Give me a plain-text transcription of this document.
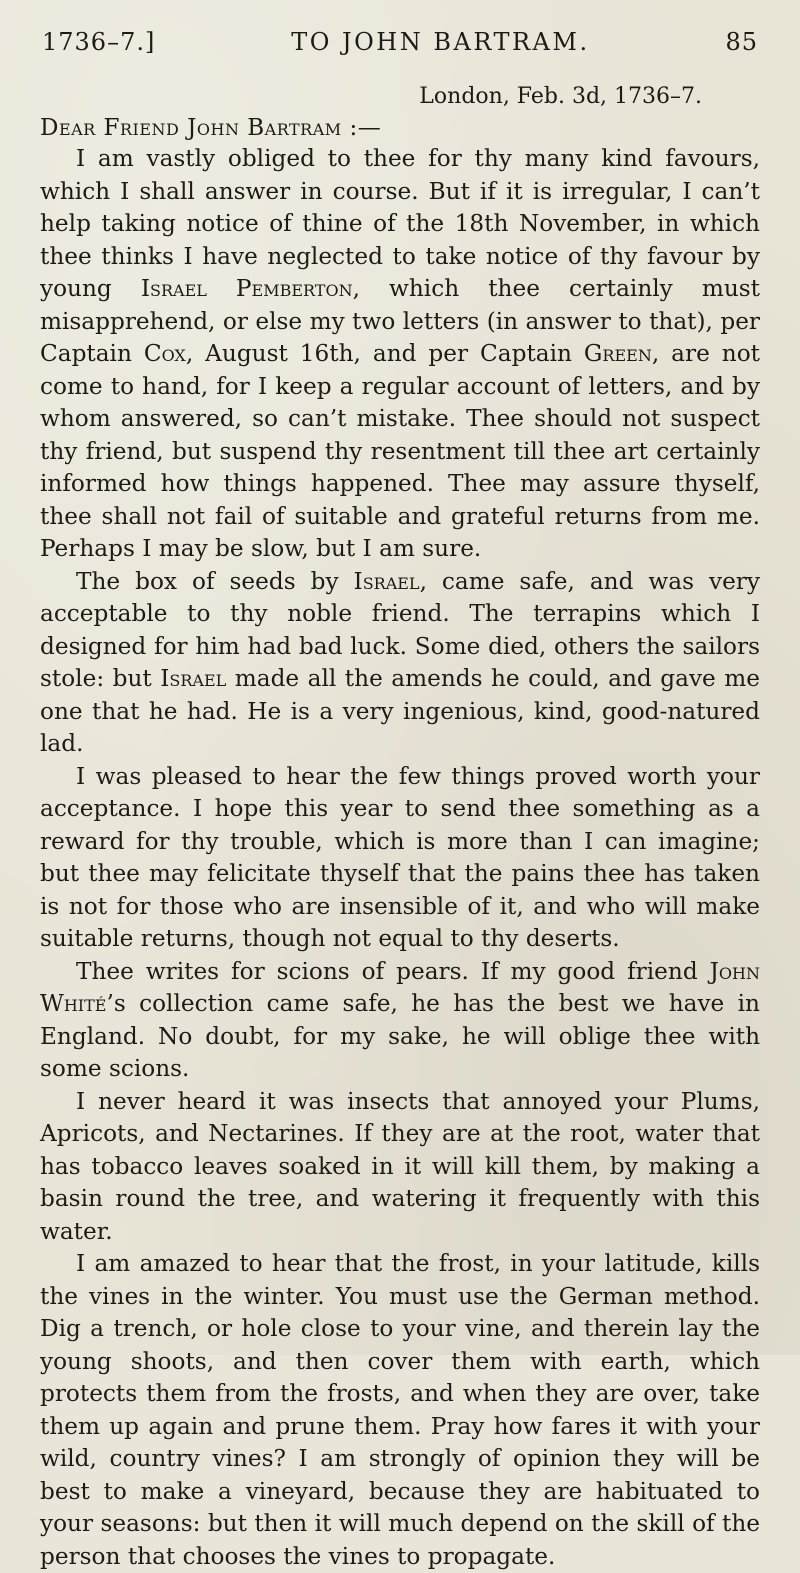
1736–7.]	TO JOHN BARTRAM.	85
London, Feb. 3d, 1736–7.
Dear Friend John Bartram :—

I am vastly obliged to thee for thy many kind favours, which I shall answer in course. But if it is irregular, I can’t help taking notice of thine of the 18th November, in which thee thinks I have neglected to take notice of thy favour by young Israel Pemberton, which thee certainly must misapprehend, or else my two letters (in answer to that), per Captain Cox, August 16th, and per Captain Green, are not come to hand, for I keep a regular account of letters, and by whom answered, so can’t mistake. Thee should not suspect thy friend, but suspend thy resentment till thee art certainly informed how things happened. Thee may assure thyself, thee shall not fail of suitable and grateful returns from me. Perhaps I may be slow, but I am sure.

The box of seeds by Israel, came safe, and was very acceptable to thy noble friend. The terrapins which I designed for him had bad luck. Some died, others the sailors stole: but Israel made all the amends he could, and gave me one that he had. He is a very ingenious, kind, good-natured lad.

I was pleased to hear the few things proved worth your acceptance. I hope this year to send thee something as a reward for thy trouble, which is more than I can imagine; but thee may felicitate thyself that the pains thee has taken is not for those who are insensible of it, and who will make suitable returns, though not equal to thy deserts.

Thee writes for scions of pears. If my good friend John Whité’s collection came safe, he has the best we have in England. No doubt, for my sake, he will oblige thee with some scions.

I never heard it was insects that annoyed your Plums, Apricots, and Nectarines. If they are at the root, water that has tobacco leaves soaked in it will kill them, by making a basin round the tree, and watering it frequently with this water.

I am amazed to hear that the frost, in your latitude, kills the vines in the winter. You must use the German method. Dig a trench, or hole close to your vine, and therein lay the young shoots, and then cover them with earth, which protects them from the frosts, and when they are over, take them up again and prune them. Pray how fares it with your wild, country vines? I am strongly of opinion they will be best to make a vineyard, because they are habituated to your seasons: but then it will much depend on the skill of the person that chooses the vines to propagate.
